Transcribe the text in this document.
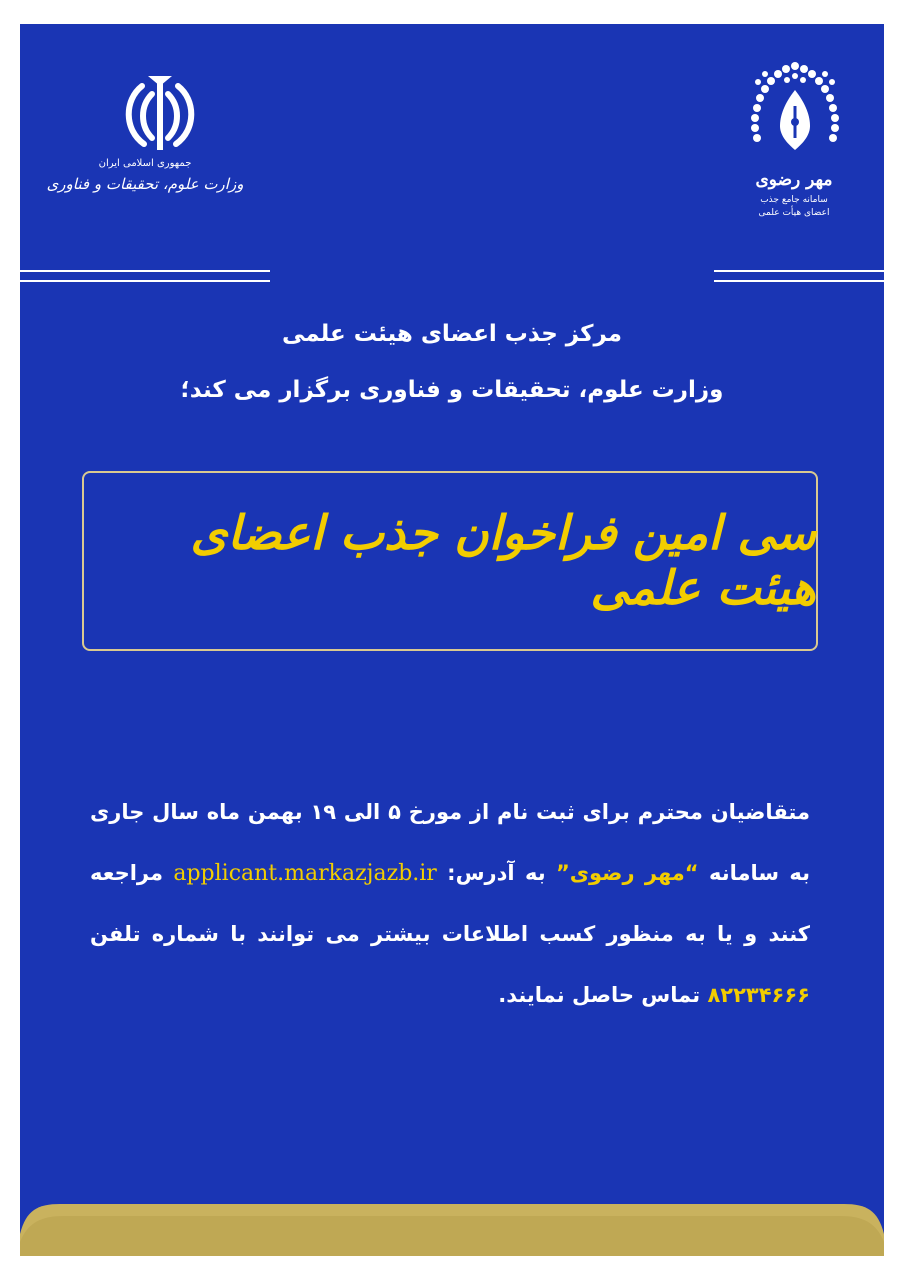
جمهوری اسلامی ایران
وزارت علوم، تحقیقات و فناوری	مهر رضوی
سامانه جامع جذب
اعضای هیأت علمی
مرکز جذب اعضای هیئت علمی
وزارت علوم، تحقیقات و فناوری برگزار می کند؛
سی امین فراخوان جذب اعضای هیئت علمی
متقاضیان محترم برای ثبت نام از مورخ ۵ الی ۱۹ بهمن ماه سال جاری به سامانه “مهر رضوی” به آدرس: applicant.markazjazb.ir مراجعه کنند و یا به منظور کسب اطلاعات بیشتر می توانند با شماره تلفن ۸۲۲۳۴۶۶۶ تماس حاصل نمایند.
